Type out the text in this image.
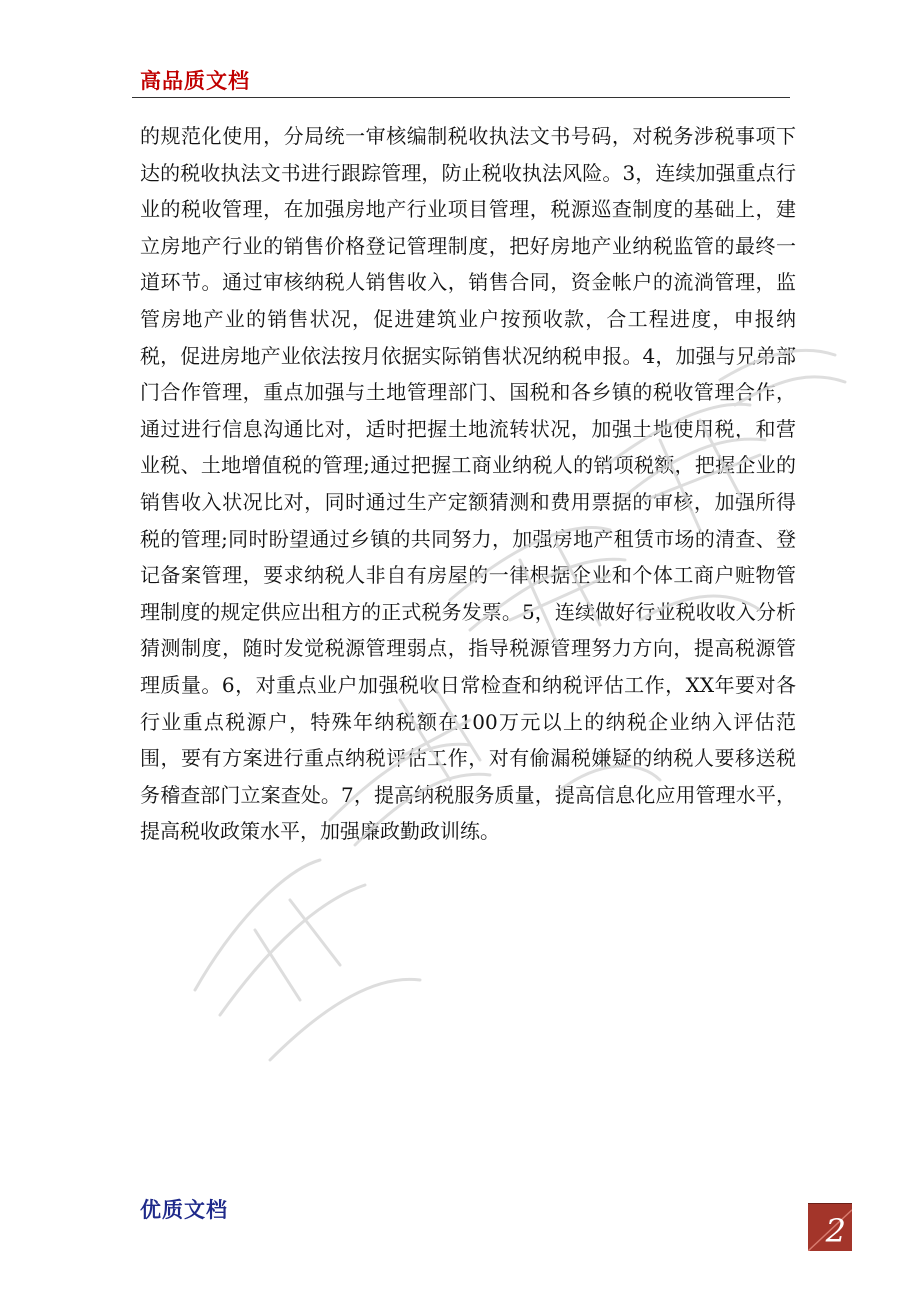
高品质文档

的规范化使用，分局统一审核编制税收执法文书号码，对税务涉税事项下达的税收执法文书进行跟踪管理，防止税收执法风险。3，连续加强重点行业的税收管理，在加强房地产行业项目管理，税源巡查制度的基础上，建立房地产行业的销售价格登记管理制度，把好房地产业纳税监管的最终一道环节。通过审核纳税人销售收入，销售合同，资金帐户的流淌管理，监管房地产业的销售状况，促进建筑业户按预收款，合工程进度，申报纳税，促进房地产业依法按月依据实际销售状况纳税申报。4，加强与兄弟部门合作管理，重点加强与土地管理部门、国税和各乡镇的税收管理合作，通过进行信息沟通比对，适时把握土地流转状况，加强土地使用税，和营业税、土地增值税的管理;通过把握工商业纳税人的销项税额，把握企业的销售收入状况比对，同时通过生产定额猜测和费用票据的审核，加强所得税的管理;同时盼望通过乡镇的共同努力，加强房地产租赁市场的清查、登记备案管理，要求纳税人非自有房屋的一律根据企业和个体工商户赃物管理制度的规定供应出租方的正式税务发票。5，连续做好行业税收收入分析猜测制度，随时发觉税源管理弱点，指导税源管理努力方向，提高税源管理质量。6，对重点业户加强税收日常检查和纳税评估工作，XX年要对各行业重点税源户，特殊年纳税额在100万元以上的纳税企业纳入评估范围，要有方案进行重点纳税评估工作，对有偷漏税嫌疑的纳税人要移送税务稽查部门立案查处。7，提高纳税服务质量，提高信息化应用管理水平，提高税收政策水平，加强廉政勤政训练。

优质文档
2
